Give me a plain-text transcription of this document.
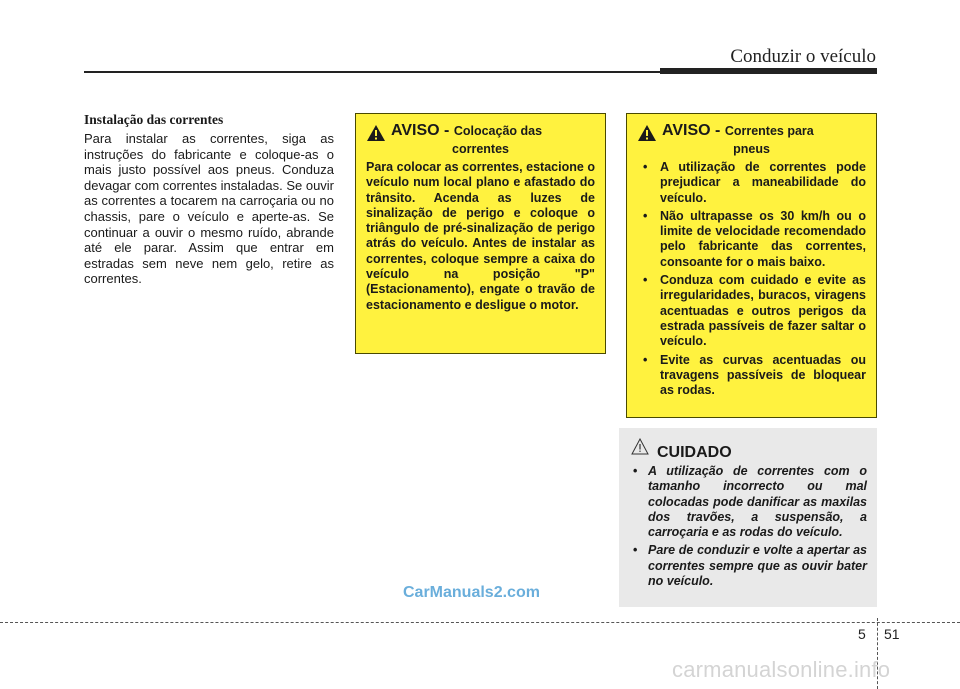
Conduzir o veículo
Instalação das correntes

Para instalar as correntes, siga as instruções do fabricante e coloque-as o mais justo possível aos pneus. Conduza devagar com correntes instaladas. Se ouvir as correntes a tocarem na carroçaria ou no chassis, pare o veículo e aperte-as. Se continuar a ouvir o mesmo ruído, abrande até ele parar. Assim que entrar em estradas sem neve nem gelo, retire as correntes.

AVISO - Colocação das
correntes

Para colocar as correntes, estacione o veículo num local plano e afastado do trânsito. Acenda as luzes de sinalização de perigo e coloque o triângulo de pré-sinalização de perigo atrás do veículo. Antes de instalar as correntes, coloque sempre a caixa do veículo na posição "P" (Estacionamento), engate o travão de estacionamento e desligue o motor.

AVISO - Correntes para
pneus
• A utilização de correntes pode prejudicar a maneabilidade do veículo.
• Não ultrapasse os 30 km/h ou o limite de velocidade recomendado pelo fabricante das correntes, consoante for o mais baixo.
• Conduza com cuidado e evite as irregularidades, buracos, viragens acentuadas e outros perigos da estrada passíveis de fazer saltar o veículo.
• Evite as curvas acentuadas ou travagens passíveis de bloquear as rodas.
CUIDADO
• A utilização de correntes com o tamanho incorrecto ou mal colocadas pode danificar as maxilas dos travões, a suspensão, a carroçaria e as rodas do veículo.
• Pare de conduzir e volte a apertar as correntes sempre que as ouvir bater no veículo.
CarManuals2.com
5 51
carmanualsonline.info
